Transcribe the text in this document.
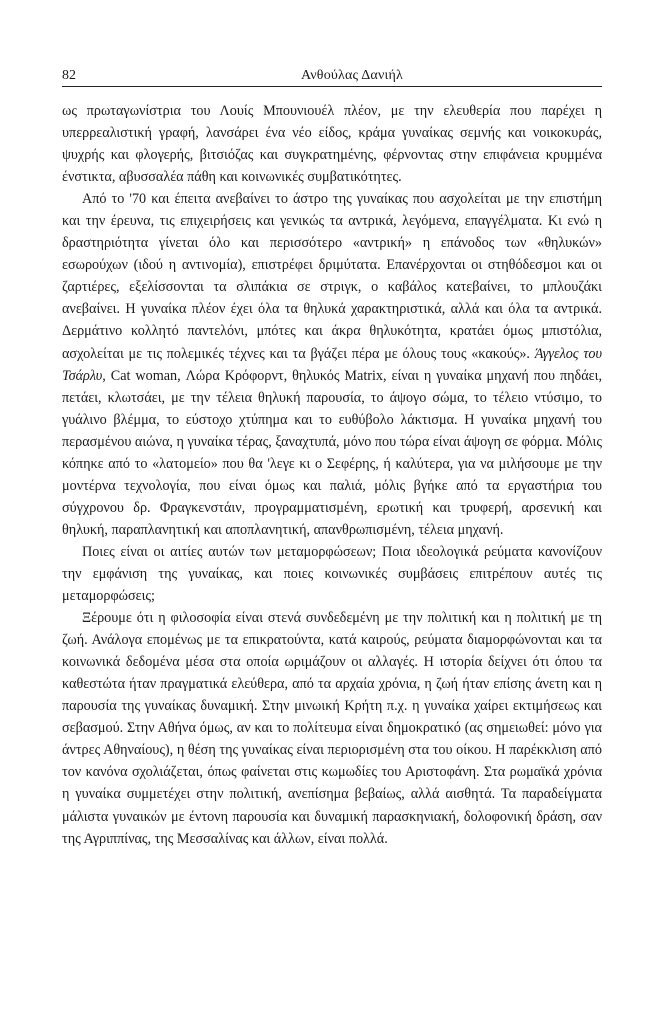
82	Ανθούλας Δανιήλ

ως πρωταγωνίστρια του Λουίς Μπουνιουέλ πλέον, με την ελευθερία που παρέχει η υπερρεαλιστική γραφή, λανσάρει ένα νέο είδος, κράμα γυναίκας σεμνής και νοικοκυράς, ψυχρής και φλογερής, βιτσιόζας και συγκρατημένης, φέρνοντας στην επιφάνεια κρυμμένα ένστικτα, αβυσσαλέα πάθη και κοινωνικές συμβατικότητες.

Από το '70 και έπειτα ανεβαίνει το άστρο της γυναίκας που ασχολείται με την επιστήμη και την έρευνα, τις επιχειρήσεις και γενικώς τα αντρικά, λεγόμενα, επαγγέλματα. Κι ενώ η δραστηριότητα γίνεται όλο και περισσότερο «αντρική» η επάνοδος των «θηλυκών» εσωρούχων (ιδού η αντινομία), επιστρέφει δριμύτατα. Επανέρχονται οι στηθόδεσμοι και οι ζαρτιέρες, εξελίσσονται τα σλιπάκια σε στριγκ, ο καβάλος κατεβαίνει, το μπλουζάκι ανεβαίνει. Η γυναίκα πλέον έχει όλα τα θηλυκά χαρακτηριστικά, αλλά και όλα τα αντρικά. Δερμάτινο κολλητό παντελόνι, μπότες και άκρα θηλυκότητα, κρατάει όμως μπιστόλια, ασχολείται με τις πολεμικές τέχνες και τα βγάζει πέρα με όλους τους «κακούς». Άγγελος του Τσάρλυ, Cat woman, Λώρα Κρόφορντ, θηλυκός Matrix, είναι η γυναίκα μηχανή που πηδάει, πετάει, κλωτσάει, με την τέλεια θηλυκή παρουσία, το άψογο σώμα, το τέλειο ντύσιμο, το γυάλινο βλέμμα, το εύστοχο χτύπημα και το ευθύβολο λάκτισμα. Η γυναίκα μηχανή του περασμένου αιώνα, η γυναίκα τέρας, ξαναχτυπά, μόνο που τώρα είναι άψογη σε φόρμα. Μόλις κόπηκε από το «λατομείο» που θα 'λεγε κι ο Σεφέρης, ή καλύτερα, για να μιλήσουμε με την μοντέρνα τεχνολογία, που είναι όμως και παλιά, μόλις βγήκε από τα εργαστήρια του σύγχρονου δρ. Φραγκενστάιν, προγραμματισμένη, ερωτική και τρυφερή, αρσενική και θηλυκή, παραπλανητική και αποπλανητική, απανθρωπισμένη, τέλεια μηχανή.

Ποιες είναι οι αιτίες αυτών των μεταμορφώσεων; Ποια ιδεολογικά ρεύματα κανονίζουν την εμφάνιση της γυναίκας, και ποιες κοινωνικές συμβάσεις επιτρέπουν αυτές τις μεταμορφώσεις;

Ξέρουμε ότι η φιλοσοφία είναι στενά συνδεδεμένη με την πολιτική και η πολιτική με τη ζωή. Ανάλογα επομένως με τα επικρατούντα, κατά καιρούς, ρεύματα διαμορφώνονται και τα κοινωνικά δεδομένα μέσα στα οποία ωριμάζουν οι αλλαγές. Η ιστορία δείχνει ότι όπου τα καθεστώτα ήταν πραγματικά ελεύθερα, από τα αρχαία χρόνια, η ζωή ήταν επίσης άνετη και η παρουσία της γυναίκας δυναμική. Στην μινωική Κρήτη π.χ. η γυναίκα χαίρει εκτιμήσεως και σεβασμού. Στην Αθήνα όμως, αν και το πολίτευμα είναι δημοκρατικό (ας σημειωθεί: μόνο για άντρες Αθηναίους), η θέση της γυναίκας είναι περιορισμένη στα του οίκου. Η παρέκκλιση από τον κανόνα σχολιάζεται, όπως φαίνεται στις κωμωδίες του Αριστοφάνη. Στα ρωμαϊκά χρόνια η γυναίκα συμμετέχει στην πολιτική, ανεπίσημα βεβαίως, αλλά αισθητά. Τα παραδείγματα μάλιστα γυναικών με έντονη παρουσία και δυναμική παρασκηνιακή, δολοφονική δράση, σαν της Αγριππίνας, της Μεσσαλίνας και άλλων, είναι πολλά.
